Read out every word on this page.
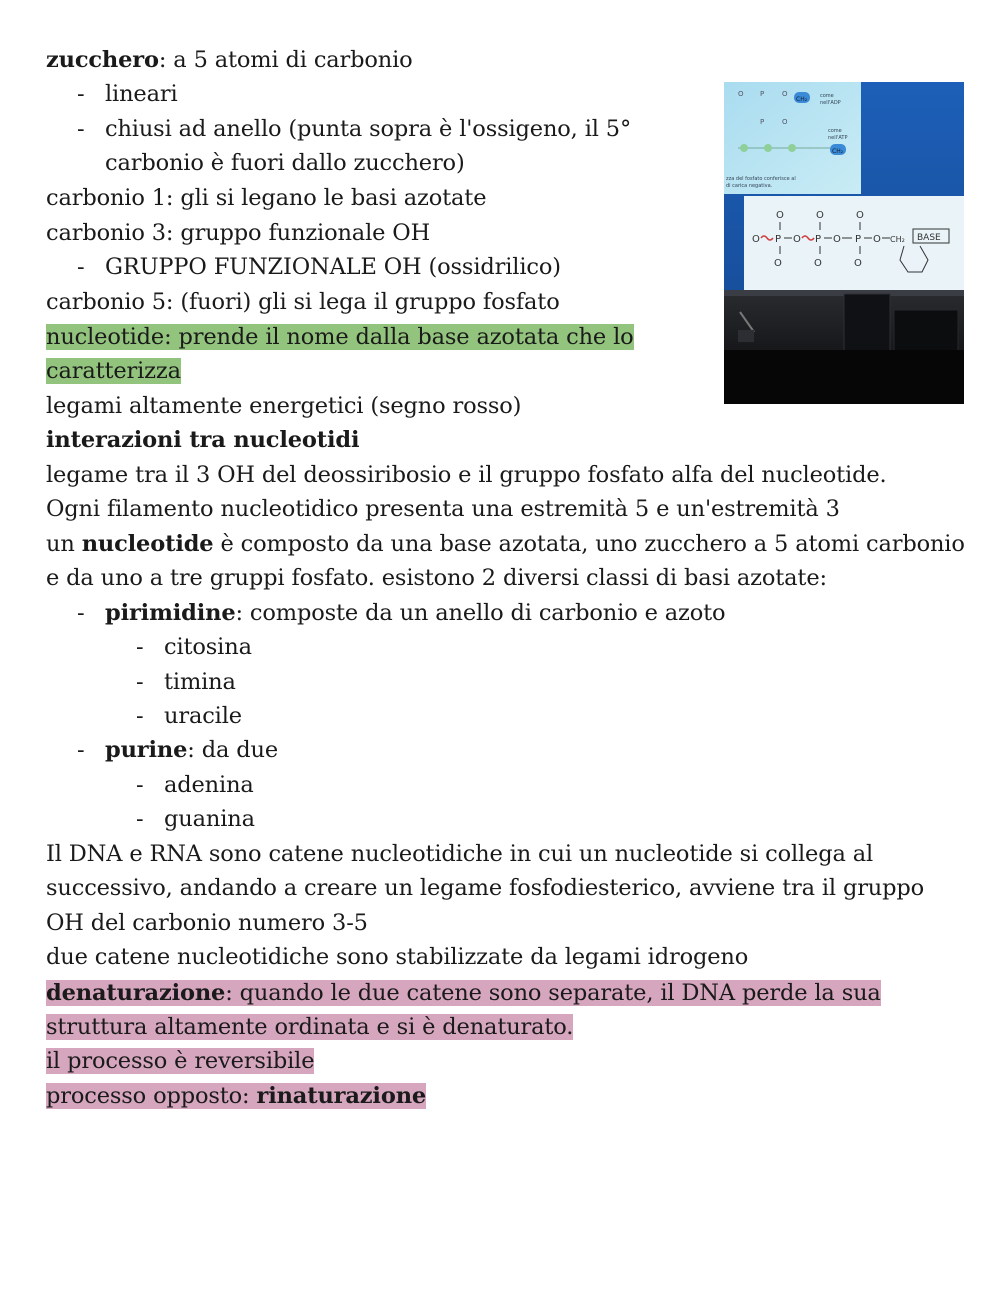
zucchero: a 5 atomi di carbonio
- lineari
- chiusi ad anello (punta sopra è l'ossigeno, il 5°
carbonio è fuori dallo zucchero)
carbonio 1: gli si legano le basi azotate
carbonio 3: gruppo funzionale OH
- GRUPPO FUNZIONALE OH (ossidrilico)
carbonio 5: (fuori) gli si lega il gruppo fosfato
nucleotide: prende il nome dalla base azotata che lo
caratterizza
legami altamente energetici (segno rosso)
interazioni tra nucleotidi
legame tra il 3 OH del deossiribosio e il gruppo fosfato alfa del nucleotide.
Ogni filamento nucleotidico presenta una estremità 5 e un'estremità 3
un nucleotide è composto da una base azotata, uno zucchero a 5 atomi carbonio
e da uno a tre gruppi fosfato. esistono 2 diversi classi di basi azotate:
- pirimidine: composte da un anello di carbonio e azoto
- citosina
- timina
- uracile
- purine: da due
- adenina
- guanina
Il DNA e RNA sono catene nucleotidiche in cui un nucleotide si collega al
successivo, andando a creare un legame fosfodiesterico, avviene tra il gruppo
OH del carbonio numero 3-5
due catene nucleotidiche sono stabilizzate da legami idrogeno
denaturazione: quando le due catene sono separate, il DNA perde la sua
struttura altamente ordinata e si è denaturato.
il processo è reversibile
processo opposto: rinaturazione
O P	O
CH₂	come
nell'ADP
P	O
come
nell'ATP
CH₂
zza del fosfato conferisce al
di carica negativa.
O	O	O
O P O P O P O CH₂ BASE
O	O	O
